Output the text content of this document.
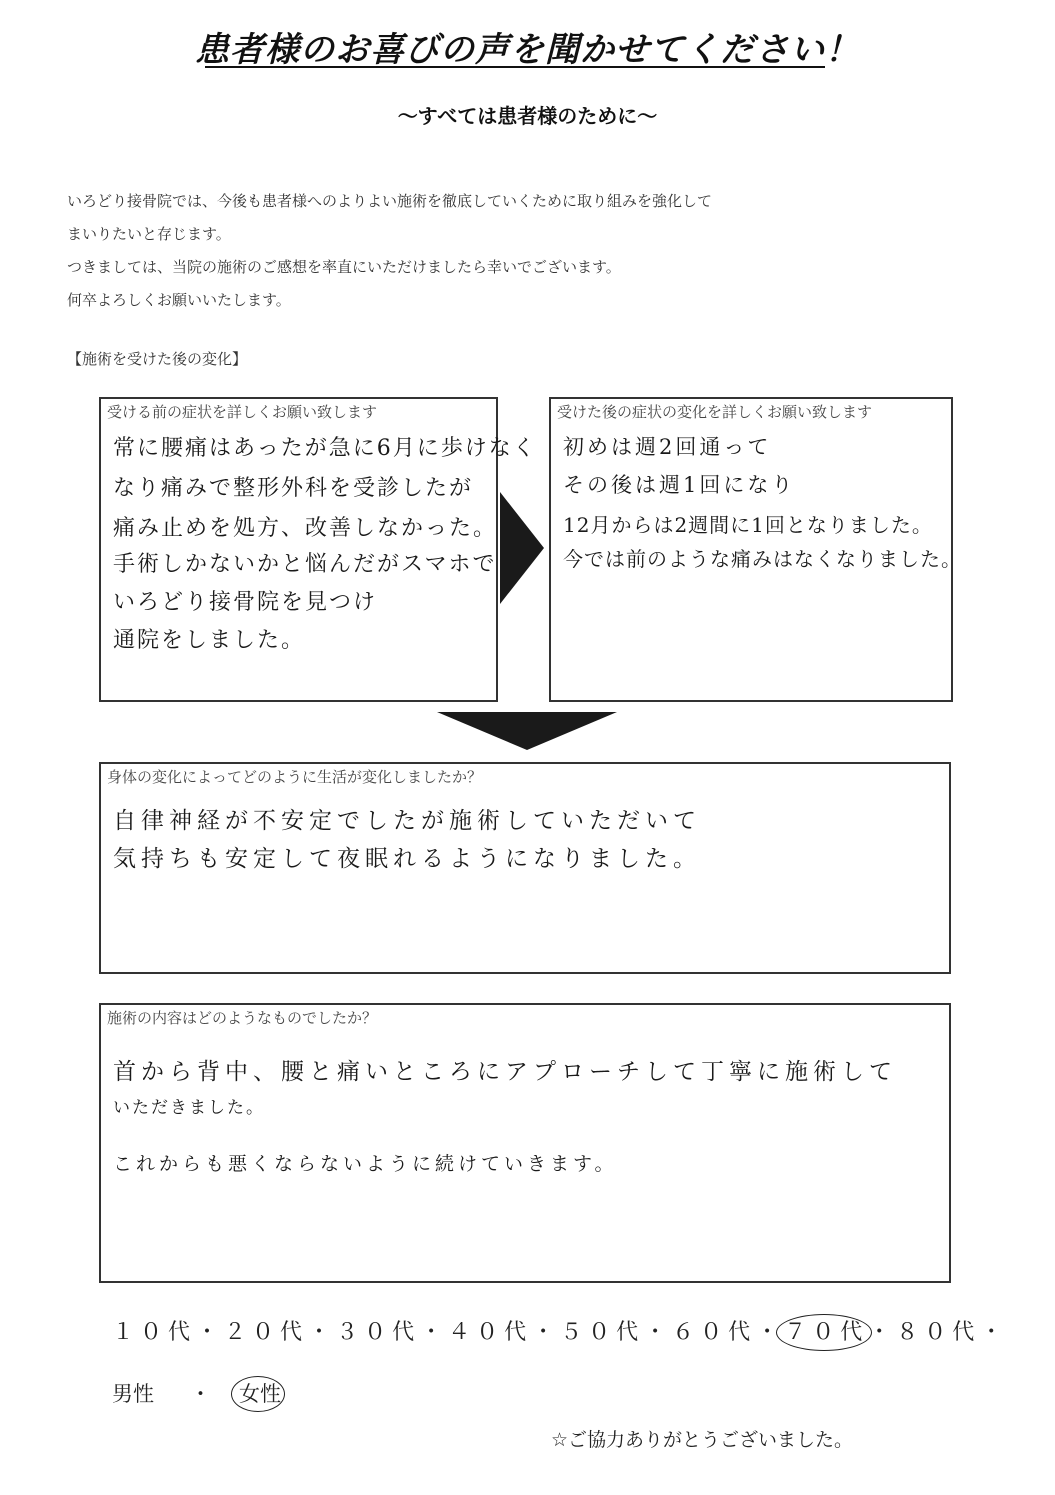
患者様のお喜びの声を聞かせてください！
〜すべては患者様のために〜
いろどり接骨院では、今後も患者様へのよりよい施術を徹底していくために取り組みを強化して
まいりたいと存じます。
つきましては、当院の施術のご感想を率直にいただけましたら幸いでございます。
何卒よろしくお願いいたします。
【施術を受けた後の変化】
受ける前の症状を詳しくお願い致します
常に腰痛はあったが急に6月に歩けなく
なり痛みで整形外科を受診したが
痛み止めを処方、改善しなかった。
手術しかないかと悩んだがスマホで
いろどり接骨院を見つけ
通院をしました。
受けた後の症状の変化を詳しくお願い致します
初めは週2回通って
その後は週1回になり
12月からは2週間に1回となりました。
今では前のような痛みはなくなりました。
身体の変化によってどのように生活が変化しましたか？
自律神経が不安定でしたが施術していただいて
気持ちも安定して夜眠れるようになりました。
施術の内容はどのようなものでしたか？
首から背中、腰と痛いところにアプローチして丁寧に施術して
いただきました。
これからも悪くならないように続けていきます。
１０代・２０代・３０代・４０代・５０代・６０代・７０代・８０代・
男性 ・ 女性
☆ご協力ありがとうございました。
